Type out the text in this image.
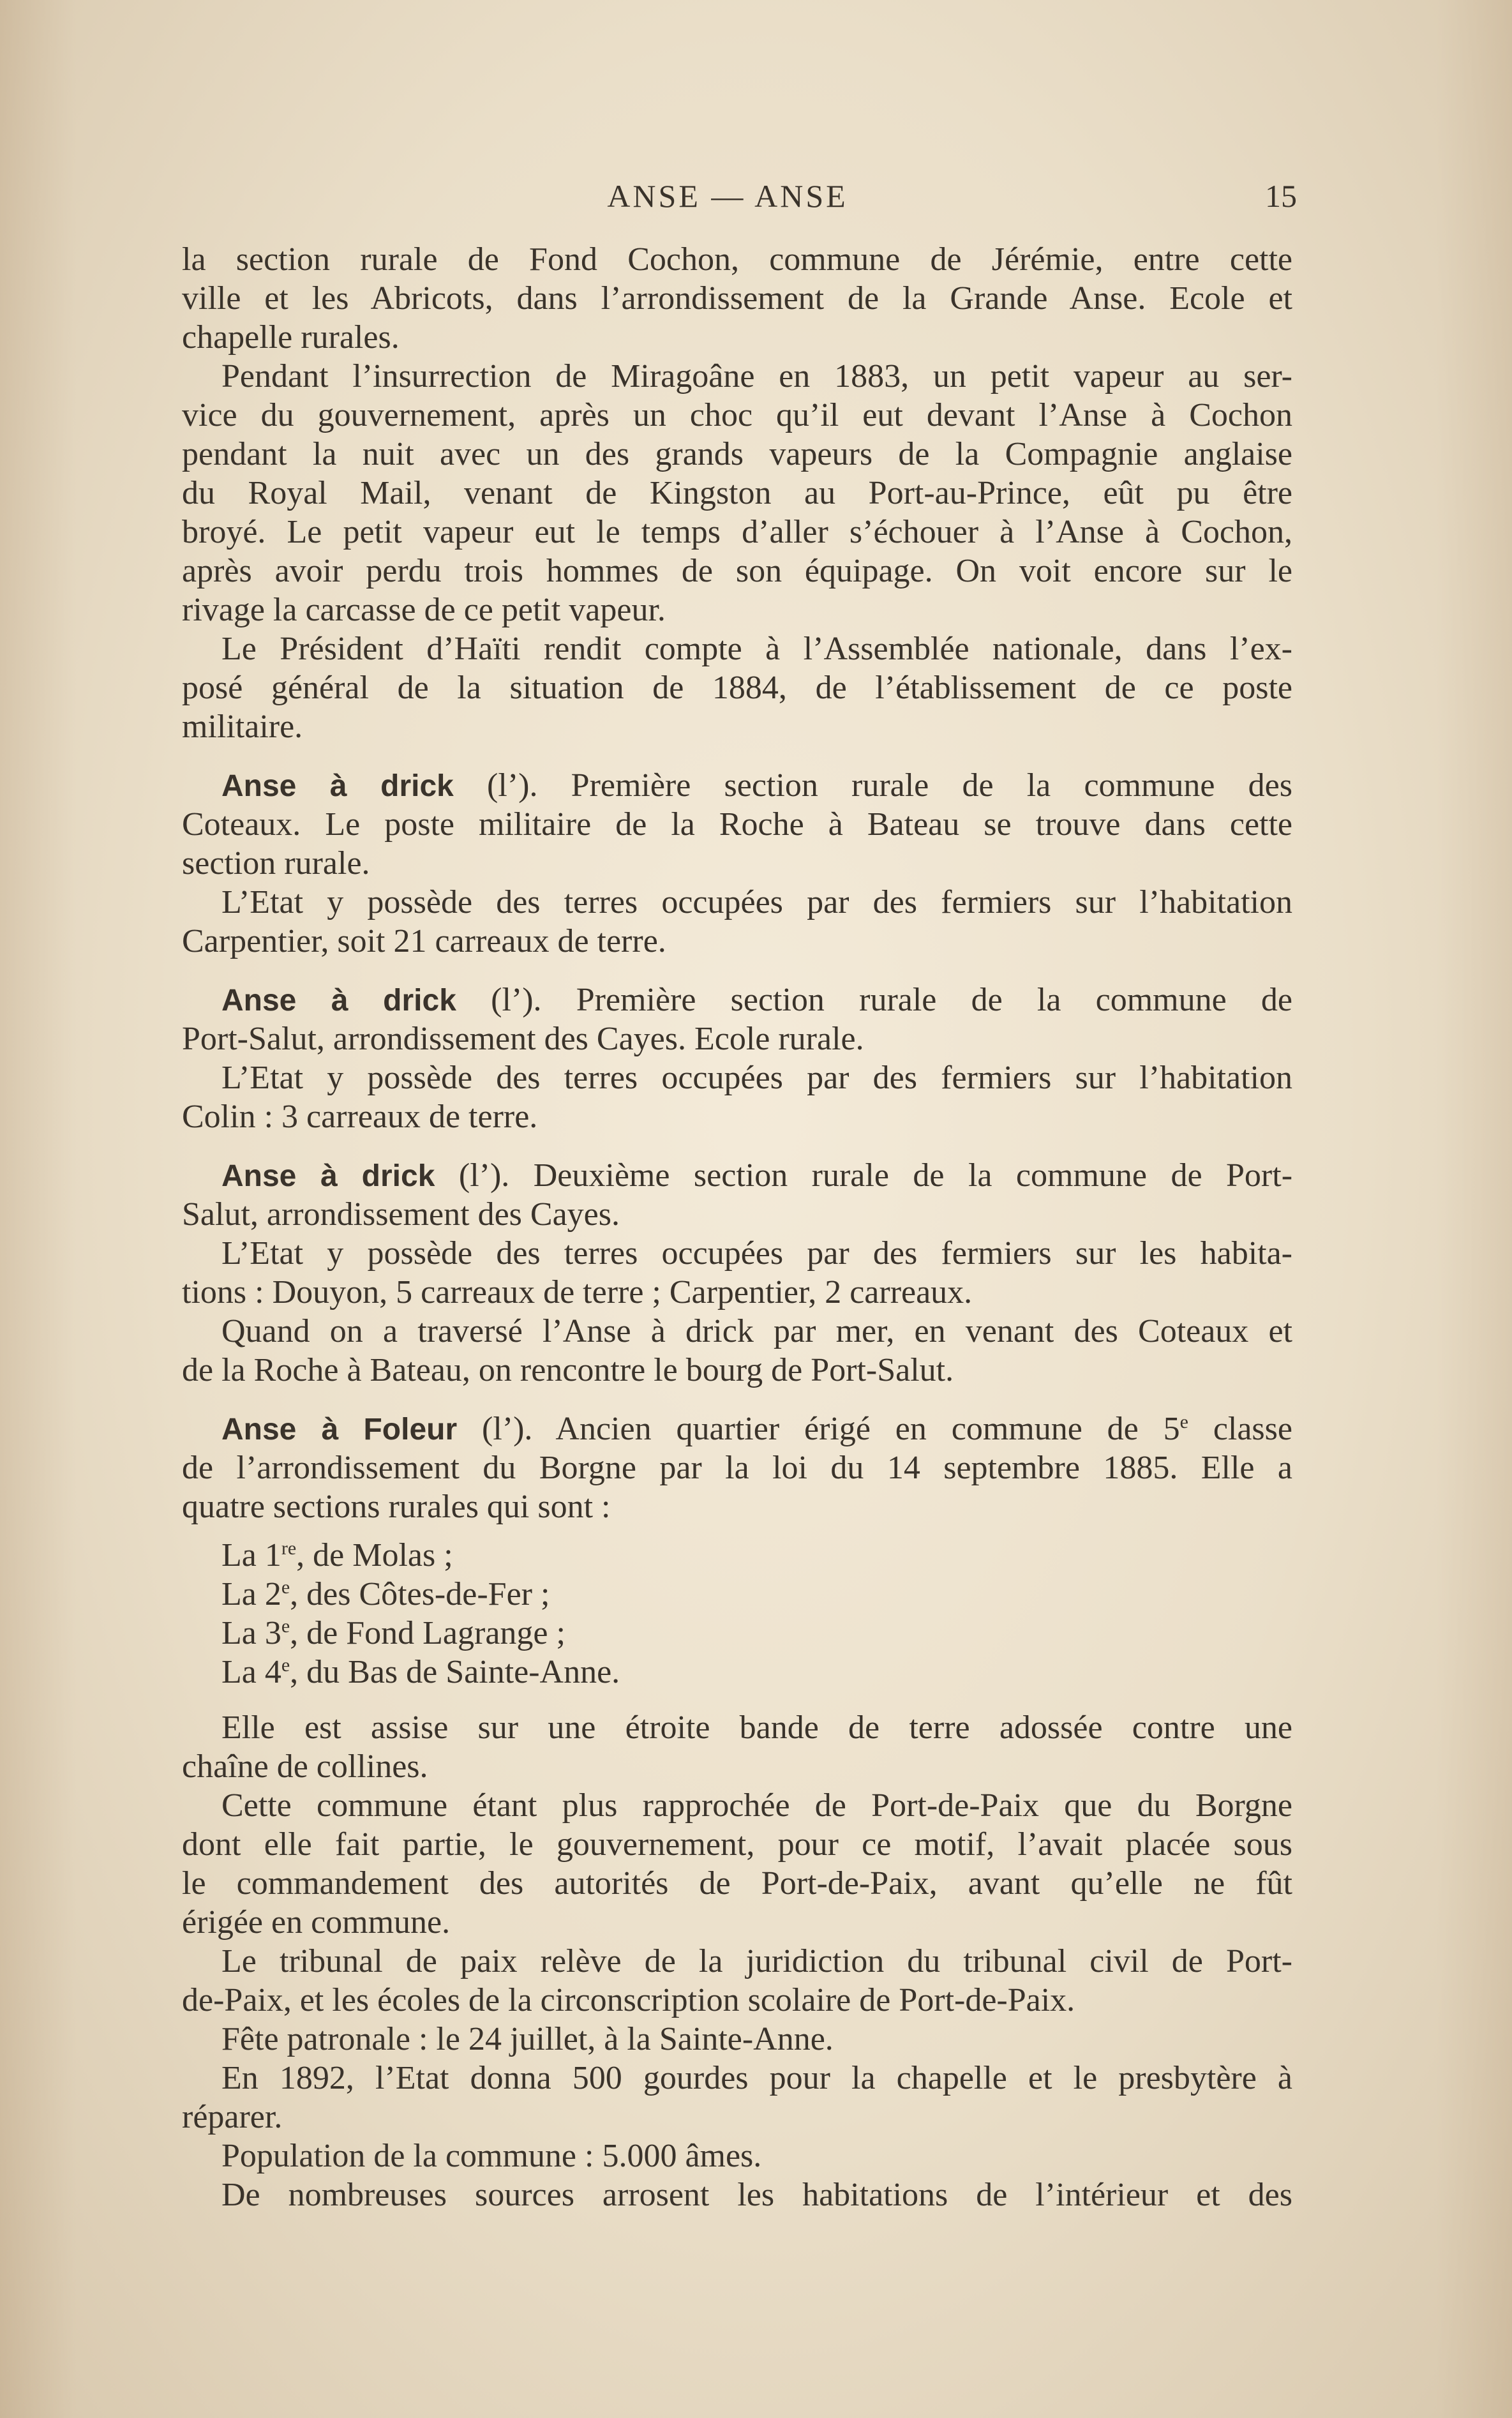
ANSE — ANSE	15
la section rurale de Fond Cochon, commune de Jérémie, entre cette
ville et les Abricots, dans l’arrondissement de la Grande Anse. Ecole et
chapelle rurales.
Pendant l’insurrection de Miragoâne en 1883, un petit vapeur au ser-
vice du gouvernement, après un choc qu’il eut devant l’Anse à Cochon
pendant la nuit avec un des grands vapeurs de la Compagnie anglaise
du Royal Mail, venant de Kingston au Port-au-Prince, eût pu être
broyé. Le petit vapeur eut le temps d’aller s’échouer à l’Anse à Cochon,
après avoir perdu trois hommes de son équipage. On voit encore sur le
rivage la carcasse de ce petit vapeur.
Le Président d’Haïti rendit compte à l’Assemblée nationale, dans l’ex-
posé général de la situation de 1884, de l’établissement de ce poste
militaire.
Anse à drick (l’). Première section rurale de la commune des
Coteaux. Le poste militaire de la Roche à Bateau se trouve dans cette
section rurale.
L’Etat y possède des terres occupées par des fermiers sur l’habitation
Carpentier, soit 21 carreaux de terre.
Anse à drick (l’). Première section rurale de la commune de
Port-Salut, arrondissement des Cayes. Ecole rurale.
L’Etat y possède des terres occupées par des fermiers sur l’habitation
Colin : 3 carreaux de terre.
Anse à drick (l’). Deuxième section rurale de la commune de Port-
Salut, arrondissement des Cayes.
L’Etat y possède des terres occupées par des fermiers sur les habita-
tions : Douyon, 5 carreaux de terre ; Carpentier, 2 carreaux.
Quand on a traversé l’Anse à drick par mer, en venant des Coteaux et
de la Roche à Bateau, on rencontre le bourg de Port-Salut.
Anse à Foleur (l’). Ancien quartier érigé en commune de 5e classe
de l’arrondissement du Borgne par la loi du 14 septembre 1885. Elle a
quatre sections rurales qui sont :
La 1re, de Molas ;
La 2e, des Côtes-de-Fer ;
La 3e, de Fond Lagrange ;
La 4e, du Bas de Sainte-Anne.
Elle est assise sur une étroite bande de terre adossée contre une
chaîne de collines.
Cette commune étant plus rapprochée de Port-de-Paix que du Borgne
dont elle fait partie, le gouvernement, pour ce motif, l’avait placée sous
le commandement des autorités de Port-de-Paix, avant qu’elle ne fût
érigée en commune.
Le tribunal de paix relève de la juridiction du tribunal civil de Port-
de-Paix, et les écoles de la circonscription scolaire de Port-de-Paix.
Fête patronale : le 24 juillet, à la Sainte-Anne.
En 1892, l’Etat donna 500 gourdes pour la chapelle et le presbytère à
réparer.
Population de la commune : 5.000 âmes.
De nombreuses sources arrosent les habitations de l’intérieur et des
